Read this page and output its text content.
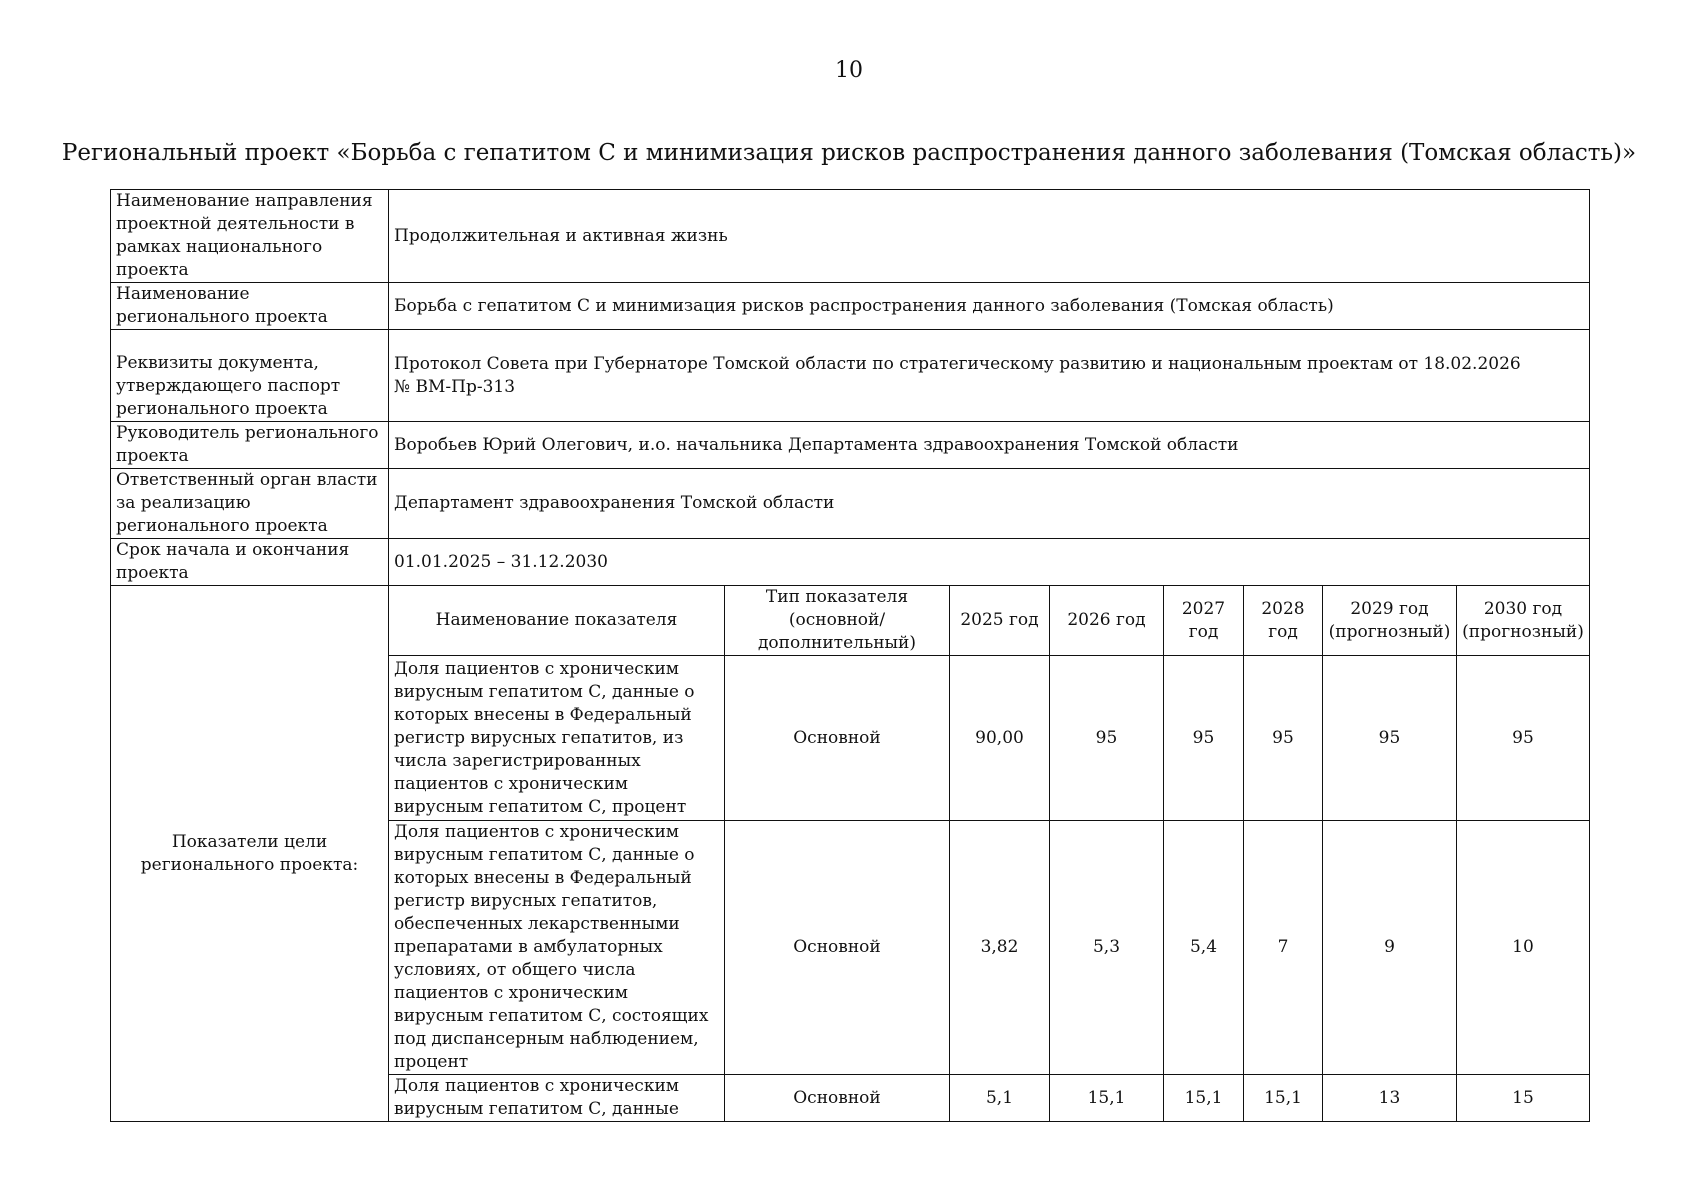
10
Региональный проект «Борьба с гепатитом С и минимизация рисков распространения данного заболевания (Томская область)»
Наименование направления проектной деятельности в рамках национального проекта	Продолжительная и активная жизнь							
Наименование регионального проекта	Борьба с гепатитом С и минимизация рисков распространения данного заболевания (Томская область)							
Реквизиты документа, утверждающего паспорт регионального проекта	Протокол Совета при Губернаторе Томской области по стратегическому развитию и национальным проектам от 18.02.2026
№ ВМ-Пр-313							

Руководитель регионального проекта	Воробьев Юрий Олегович, и.о. начальника Департамента здравоохранения Томской области							
Ответственный орган власти за реализацию регионального проекта	Департамент здравоохранения Томской области							
Срок начала и окончания проекта	01.01.2025 – 31.12.2030							
Показатели цели регионального проекта:	Наименование показателя	Тип показателя (основной/ дополнительный)	2025 год	2026 год	2027 год	2028 год	2029 год (прогнозный)	2030 год (прогнозный)
	Доля пациентов с хроническим вирусным гепатитом С, данные о которых внесены в Федеральный регистр вирусных гепатитов, из числа зарегистрированных пациентов с хроническим вирусным гепатитом С, процент	Основной	90,00	95	95	95	95	95
	Доля пациентов с хроническим вирусным гепатитом С, данные о которых внесены в Федеральный регистр вирусных гепатитов, обеспеченных лекарственными препаратами в амбулаторных условиях, от общего числа пациентов с хроническим вирусным гепатитом С, состоящих под диспансерным наблюдением, процент	Основной	3,82	5,3	5,4	7	9	10
	Доля пациентов с хроническим вирусным гепатитом С, данные	Основной	5,1	15,1	15,1	15,1	13	15
